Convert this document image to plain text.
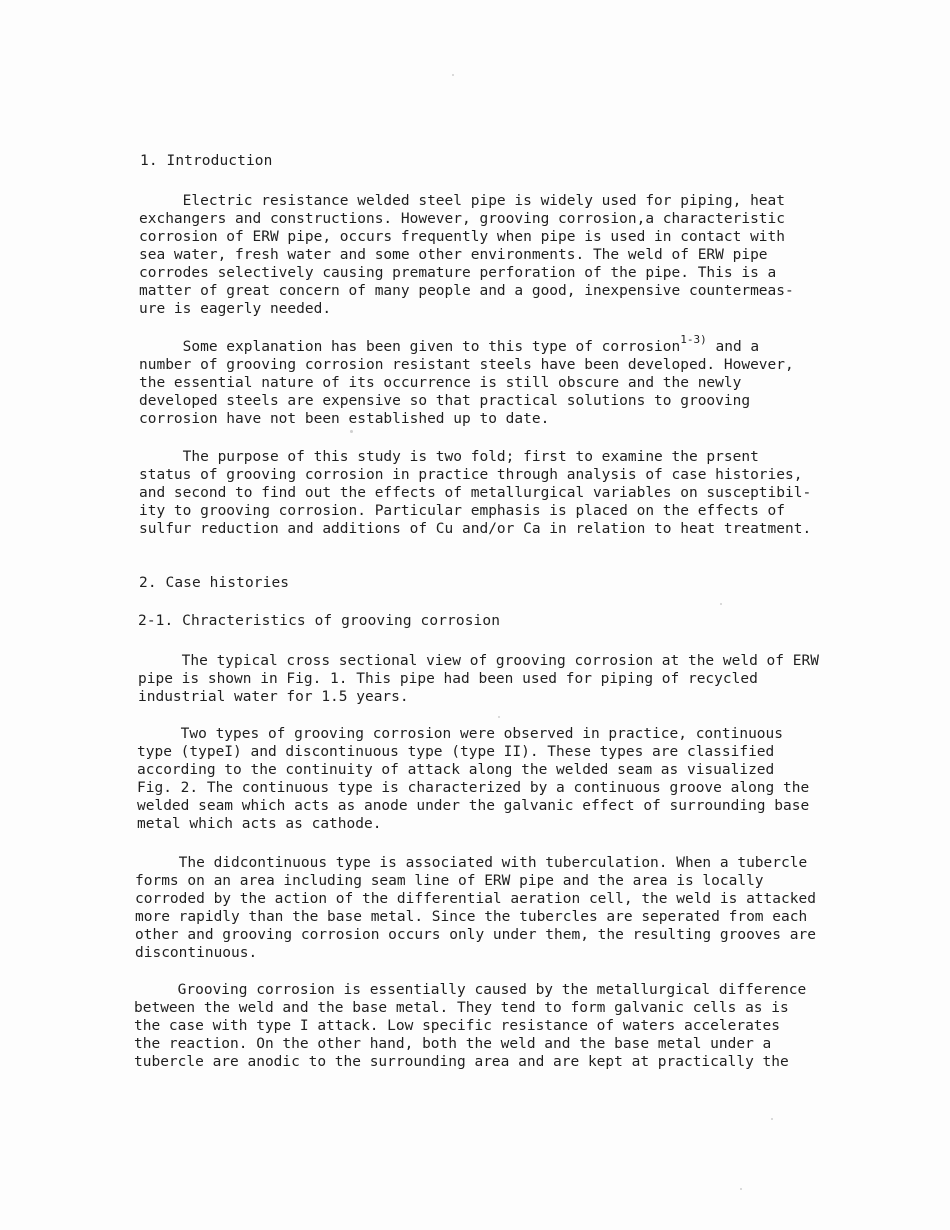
1. Introduction
Electric resistance welded steel pipe is widely used for piping, heat
exchangers and constructions. However, grooving corrosion,a characteristic
corrosion of ERW pipe, occurs frequently when pipe is used in contact with
sea water, fresh water and some other environments. The weld of ERW pipe
corrodes selectively causing premature perforation of the pipe. This is a
matter of great concern of many people and a good, inexpensive countermeas-
ure is eagerly needed.
Some explanation has been given to this type of corrosion$^{1-3)}$ and a
number of grooving corrosion resistant steels have been developed. However,
the essential nature of its occurrence is still obscure and the newly
developed steels are expensive so that practical solutions to grooving
corrosion have not been established up to date.
The purpose of this study is two fold; first to examine the prsent
status of grooving corrosion in practice through analysis of case histories,
and second to find out the effects of metallurgical variables on susceptibil-
ity to grooving corrosion. Particular emphasis is placed on the effects of
sulfur reduction and additions of Cu and/or Ca in relation to heat treatment.
2. Case histories
2-1. Chracteristics of grooving corrosion
The typical cross sectional view of grooving corrosion at the weld of ERW
pipe is shown in Fig. 1. This pipe had been used for piping of recycled
industrial water for 1.5 years.
Two types of grooving corrosion were observed in practice, continuous
type (typeI) and discontinuous type (type II). These types are classified
according to the continuity of attack along the welded seam as visualized
Fig. 2. The continuous type is characterized by a continuous groove along the
welded seam which acts as anode under the galvanic effect of surrounding base
metal which acts as cathode.
The didcontinuous type is associated with tuberculation. When a tubercle
forms on an area including seam line of ERW pipe and the area is locally
corroded by the action of the differential aeration cell, the weld is attacked
more rapidly than the base metal. Since the tubercles are seperated from each
other and grooving corrosion occurs only under them, the resulting grooves are
discontinuous.
Grooving corrosion is essentially caused by the metallurgical difference
between the weld and the base metal. They tend to form galvanic cells as is
the case with type I attack. Low specific resistance of waters accelerates
the reaction. On the other hand, both the weld and the base metal under a
tubercle are anodic to the surrounding area and are kept at practically the
